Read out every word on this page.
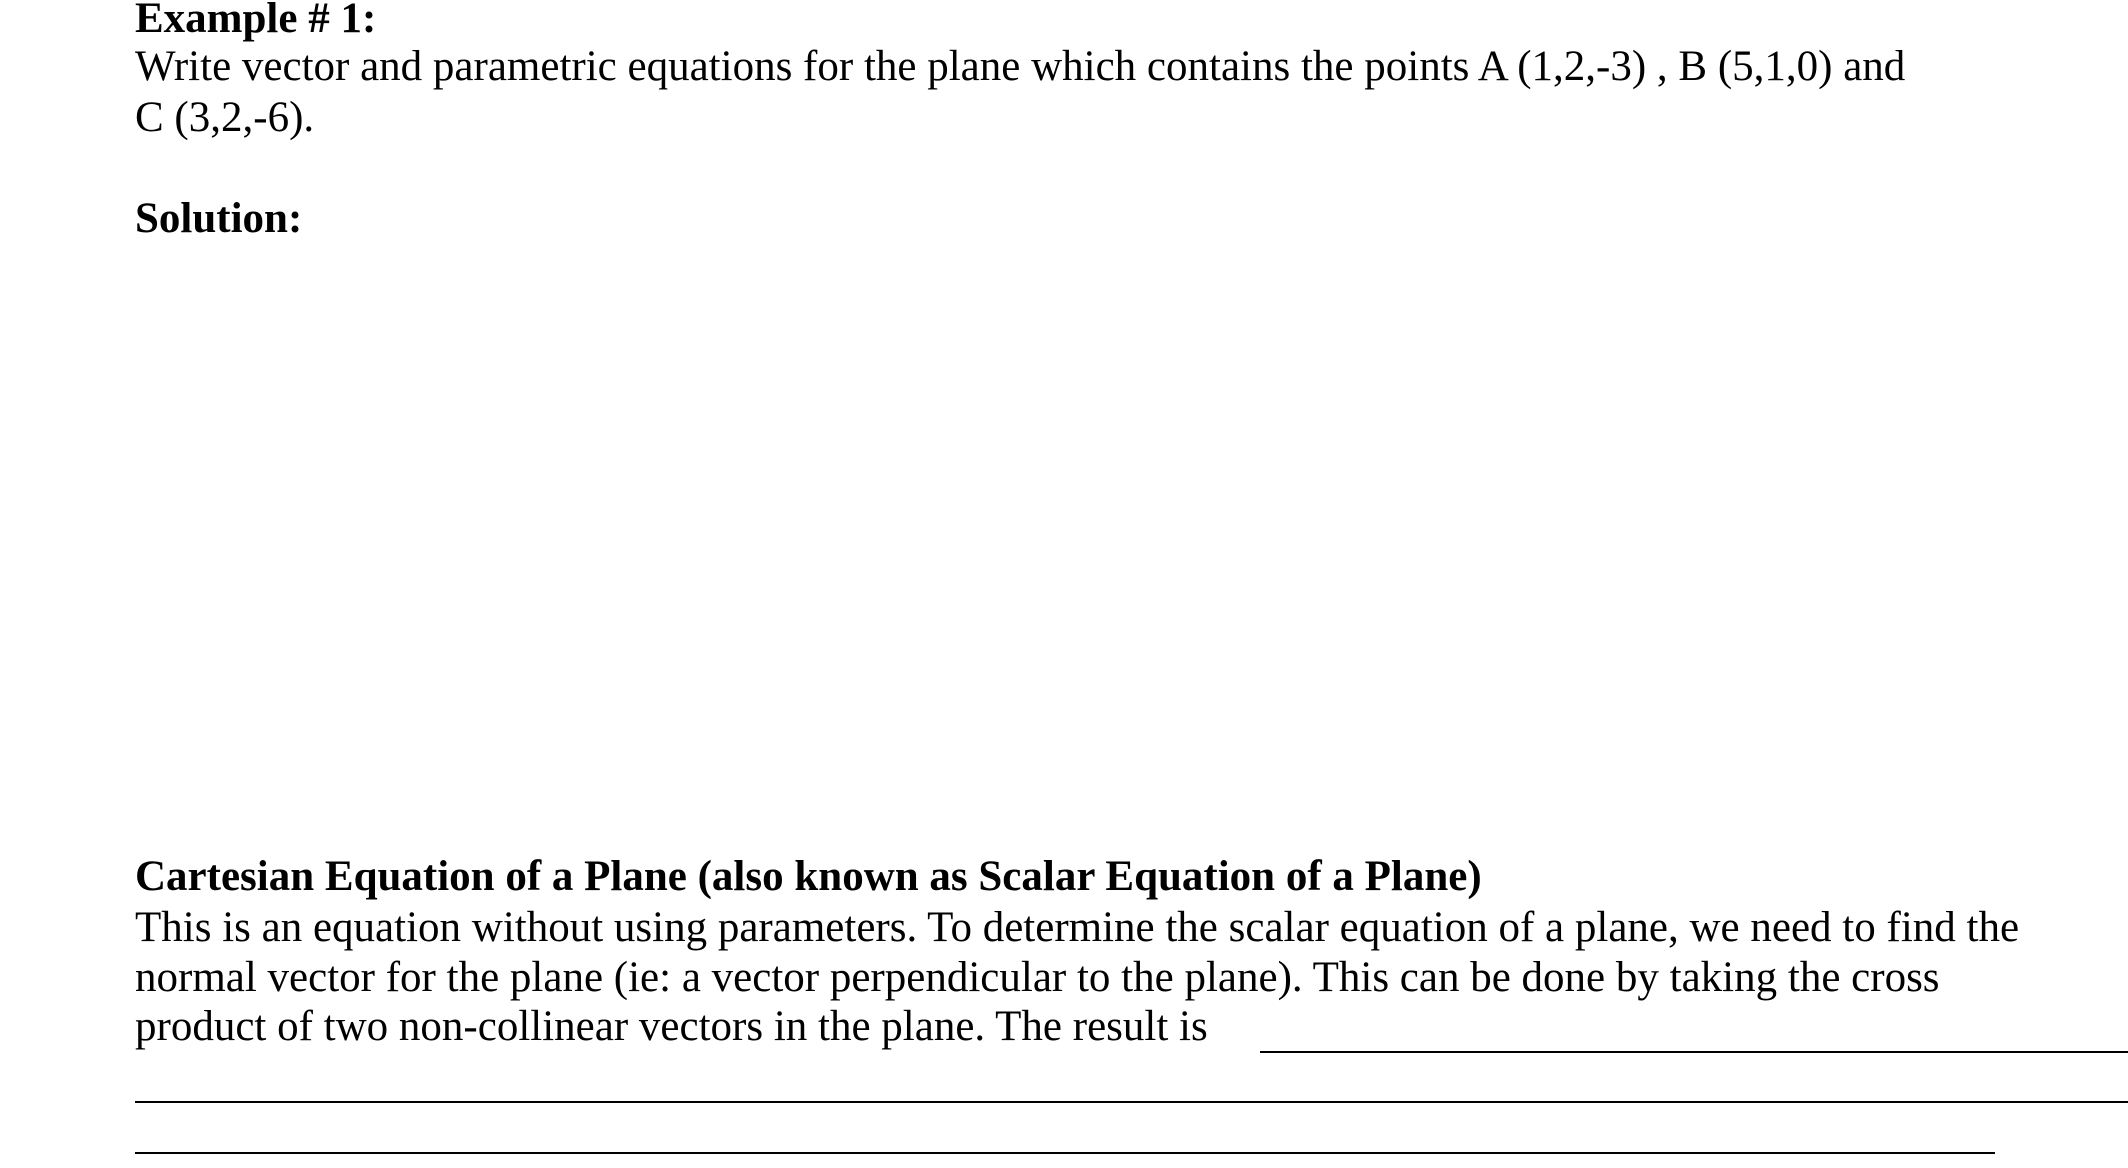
Example # 1:
Write vector and parametric equations for the plane which contains the points A (1,2,-3) , B (5,1,0) and
C (3,2,-6).
Solution:
Cartesian Equation of a Plane (also known as Scalar Equation of a Plane)
This is an equation without using parameters. To determine the scalar equation of a plane, we need to find the
normal vector for the plane (ie: a vector perpendicular to the plane). This can be done by taking the cross
product of two non-collinear vectors in the plane. The result is
